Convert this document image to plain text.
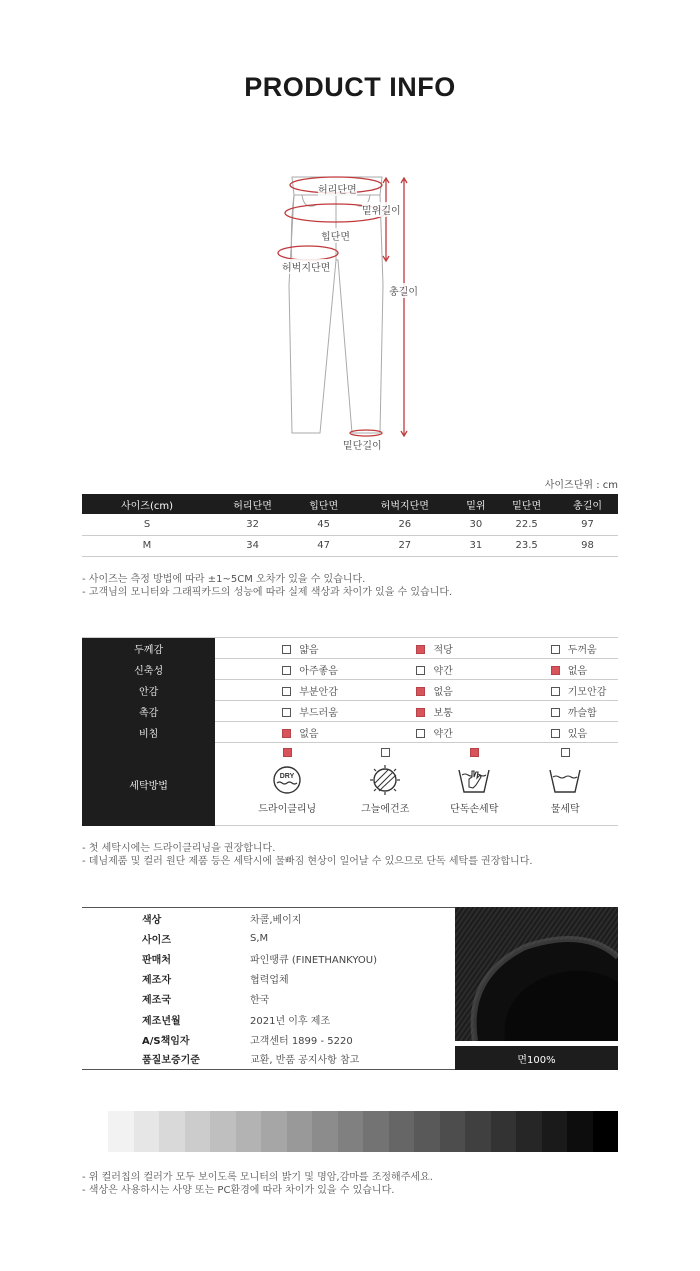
PRODUCT INFO
허리단면
밑위길이
힙단면
허벅지단면
총길이
밑단길이
사이즈단위 : cm
사이즈(cm)	허리단면	힙단면	허벅지단면	밑위	밑단면	총길이
S	32	45	26	30	22.5	97
M	34	47	27	31	23.5	98
- 사이즈는 측정 방법에 따라 ±1~5CM 오차가 있을 수 있습니다.
- 고객님의 모니터와 그래픽카드의 성능에 따라 실제 색상과 차이가 있을 수 있습니다.
두께감	얇음	적당	두꺼움
신축성	아주좋음	약간	없음
안감	부분안감	없음	기모안감
촉감	부드러움	보통	까슬함
비침	없음	약간	있음
세탁방법	DRY
드라이클리닝 그늘에건조 단독손세탁 물세탁		
- 첫 세탁시에는 드라이클리닝을 권장합니다.
- 데님제품 및 컬러 원단 제품 등은 세탁시에 물빠짐 현상이 일어날 수 있으므로 단독 세탁를 권장합니다.
색상	차콜,베이지
사이즈	S,M
판매처	파인땡큐 (FINETHANKYOU)
제조자	협력업체
제조국	한국
제조년월	2021년 이후 제조
A/S책임자	고객센터 1899 - 5220
품질보증기준	교환, 반품 공지사항 참고	면100%
- 위 컬러칩의 컬러가 모두 보이도록 모니터의 밝기 및 명암,감마를 조정해주세요.
- 색상은 사용하시는 사양 또는 PC환경에 따라 차이가 있을 수 있습니다.
